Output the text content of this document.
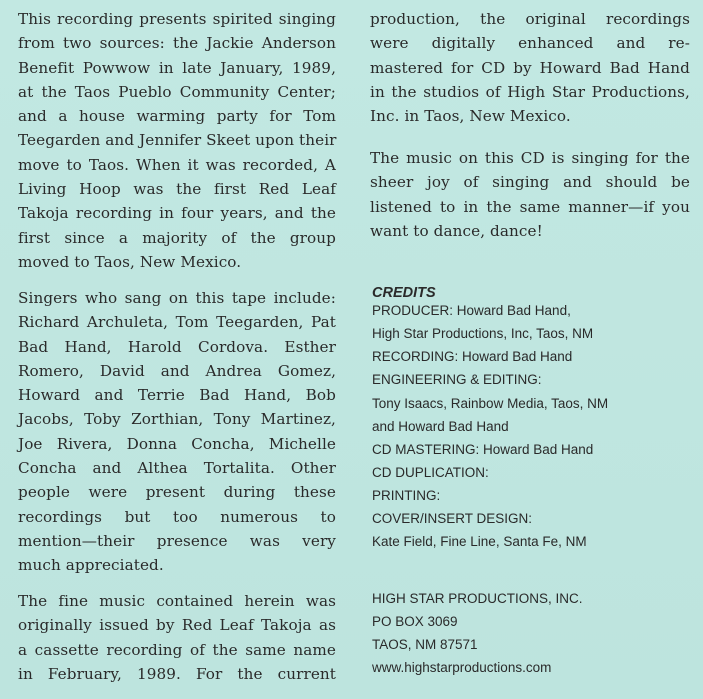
This recording presents spirited singing
from two sources: the Jackie Anderson
Benefit Powwow in late January, 1989,
at the Taos Pueblo Community Center;
and a house warming party for Tom
Teegarden and Jennifer Skeet upon their
move to Taos. When it was recorded, A
Living Hoop was the first Red Leaf
Takoja recording in four years, and the
first since a majority of the group
moved to Taos, New Mexico.
Singers who sang on this tape include:
Richard Archuleta, Tom Teegarden, Pat
Bad Hand, Harold Cordova. Esther
Romero, David and Andrea Gomez,
Howard and Terrie Bad Hand, Bob
Jacobs, Toby Zorthian, Tony Martinez,
Joe Rivera, Donna Concha, Michelle
Concha and Althea Tortalita. Other
people were present during these
recordings but too numerous to
mention—their presence was very
much appreciated.
The fine music contained herein was
originally issued by Red Leaf Takoja as
a cassette recording of the same name
in February, 1989. For the current
production, the original recordings
were digitally enhanced and re-
mastered for CD by Howard Bad Hand
in the studios of High Star Productions,
Inc. in Taos, New Mexico.
The music on this CD is singing for the
sheer joy of singing and should be
listened to in the same manner—if you
want to dance, dance!

CREDITS

PRODUCER: Howard Bad Hand,

High Star Productions, Inc, Taos, NM

RECORDING: Howard Bad Hand

ENGINEERING & EDITING:

Tony Isaacs, Rainbow Media, Taos, NM

and Howard Bad Hand

CD MASTERING: Howard Bad Hand

CD DUPLICATION:

PRINTING:

COVER/INSERT DESIGN:

Kate Field, Fine Line, Santa Fe, NM

HIGH STAR PRODUCTIONS, INC.

PO BOX 3069

TAOS, NM 87571

www.highstarproductions.com
